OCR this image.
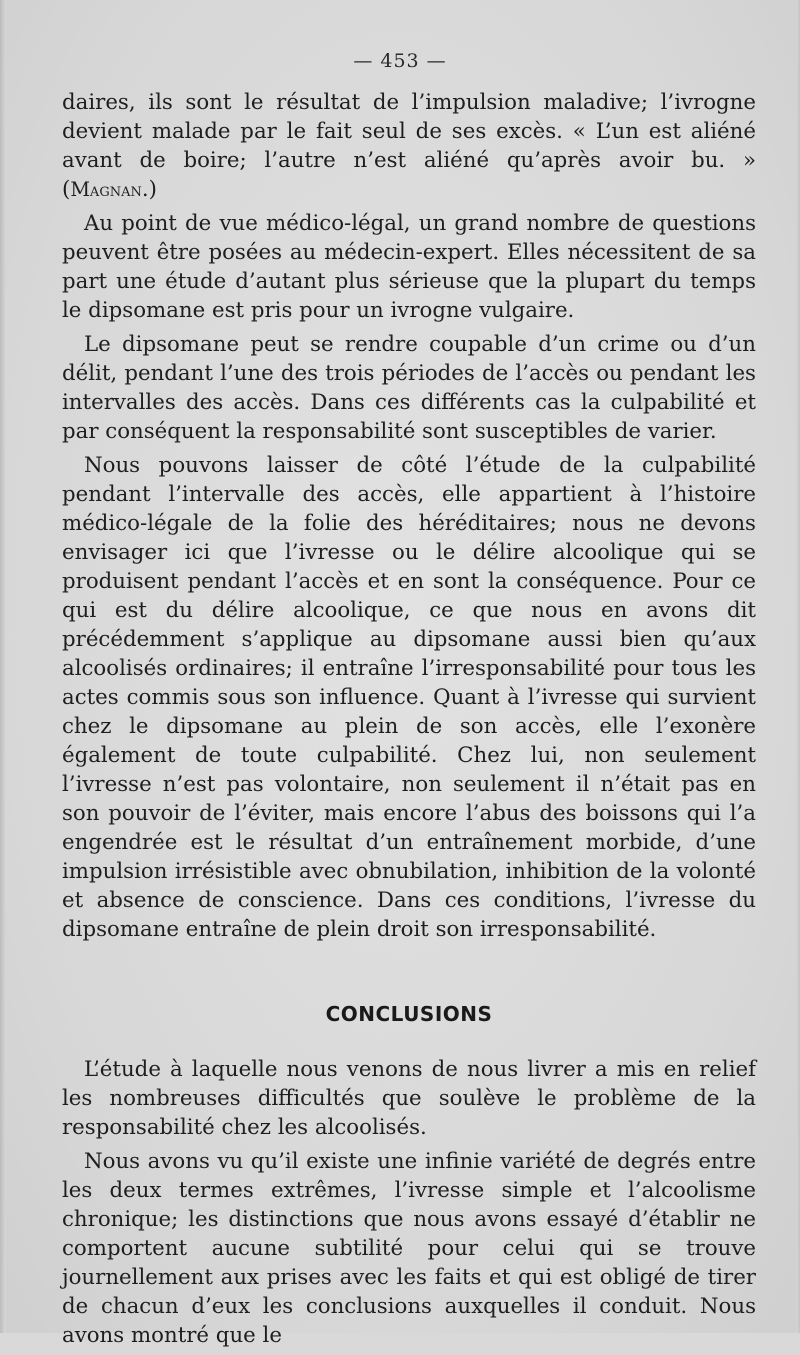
— 453 —

daires, ils sont le résultat de l’impulsion maladive; l’ivrogne devient malade par le fait seul de ses excès. « L’un est aliéné avant de boire; l’autre n’est aliéné qu’après avoir bu. » (Magnan.)

Au point de vue médico-légal, un grand nombre de questions peuvent être posées au médecin-expert. Elles nécessitent de sa part une étude d’autant plus sérieuse que la plupart du temps le dipsomane est pris pour un ivrogne vulgaire.

Le dipsomane peut se rendre coupable d’un crime ou d’un délit, pendant l’une des trois périodes de l’accès ou pendant les intervalles des accès. Dans ces différents cas la culpabilité et par conséquent la responsabilité sont susceptibles de varier.

Nous pouvons laisser de côté l’étude de la culpabilité pendant l’intervalle des accès, elle appartient à l’histoire médico-légale de la folie des héréditaires; nous ne devons envisager ici que l’ivresse ou le délire alcoolique qui se produisent pendant l’accès et en sont la conséquence. Pour ce qui est du délire alcoolique, ce que nous en avons dit précédemment s’applique au dipsomane aussi bien qu’aux alcoolisés ordinaires; il entraîne l’irresponsabilité pour tous les actes commis sous son influence. Quant à l’ivresse qui survient chez le dipsomane au plein de son accès, elle l’exonère également de toute culpabilité. Chez lui, non seulement l’ivresse n’est pas volontaire, non seulement il n’était pas en son pouvoir de l’éviter, mais encore l’abus des boissons qui l’a engendrée est le résultat d’un entraînement morbide, d’une impulsion irrésistible avec obnubilation, inhibition de la volonté et absence de conscience. Dans ces conditions, l’ivresse du dipsomane entraîne de plein droit son irresponsabilité.

CONCLUSIONS

L’étude à laquelle nous venons de nous livrer a mis en relief les nombreuses difficultés que soulève le problème de la responsabilité chez les alcoolisés.

Nous avons vu qu’il existe une infinie variété de degrés entre les deux termes extrêmes, l’ivresse simple et l’alcoolisme chronique; les distinctions que nous avons essayé d’établir ne comportent aucune subtilité pour celui qui se trouve journellement aux prises avec les faits et qui est obligé de tirer de chacun d’eux les conclusions auxquelles il conduit. Nous avons montré que le
